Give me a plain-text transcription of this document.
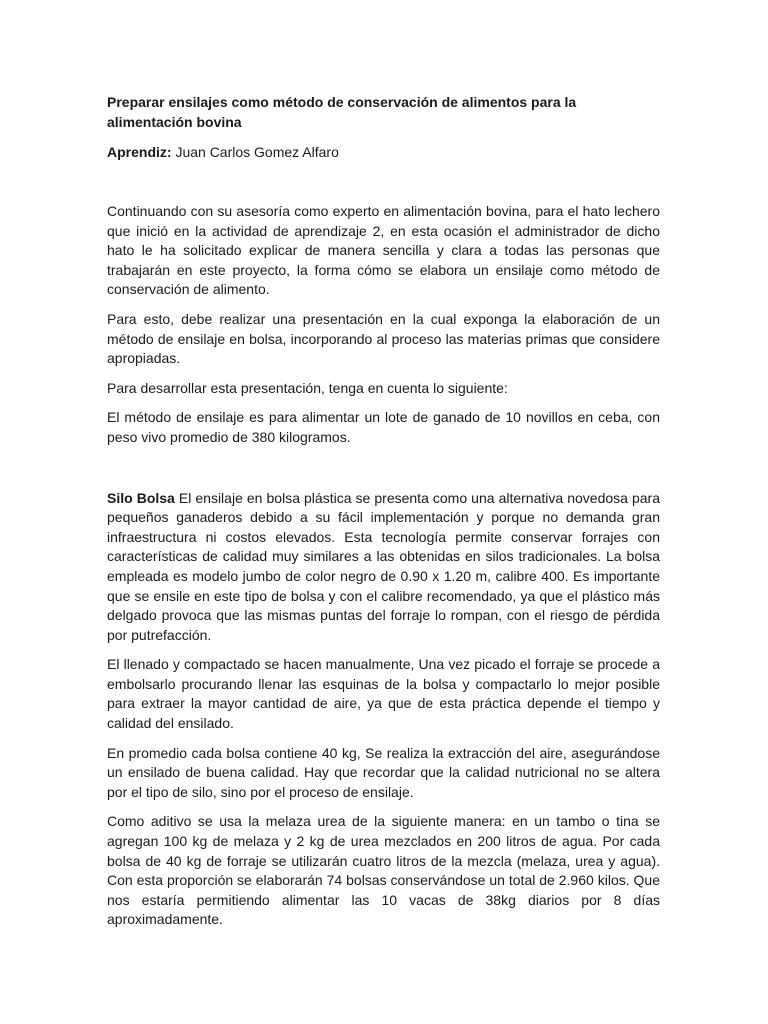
Preparar ensilajes como método de conservación de alimentos para la alimentación bovina

Aprendiz: Juan Carlos Gomez Alfaro

Continuando con su asesoría como experto en alimentación bovina, para el hato lechero que inició en la actividad de aprendizaje 2, en esta ocasión el administrador de dicho hato le ha solicitado explicar de manera sencilla y clara a todas las personas que trabajarán en este proyecto, la forma cómo se elabora un ensilaje como método de conservación de alimento.

Para esto, debe realizar una presentación en la cual exponga la elaboración de un método de ensilaje en bolsa, incorporando al proceso las materias primas que considere apropiadas.

Para desarrollar esta presentación, tenga en cuenta lo siguiente:

El método de ensilaje es para alimentar un lote de ganado de 10 novillos en ceba, con peso vivo promedio de 380 kilogramos.

Silo Bolsa El ensilaje en bolsa plástica se presenta como una alternativa novedosa para pequeños ganaderos debido a su fácil implementación y porque no demanda gran infraestructura ni costos elevados. Esta tecnología permite conservar forrajes con características de calidad muy similares a las obtenidas en silos tradicionales. La bolsa empleada es modelo jumbo de color negro de 0.90 x 1.20 m, calibre 400. Es importante que se ensile en este tipo de bolsa y con el calibre recomendado, ya que el plástico más delgado provoca que las mismas puntas del forraje lo rompan, con el riesgo de pérdida por putrefacción.

El llenado y compactado se hacen manualmente, Una vez picado el forraje se procede a embolsarlo procurando llenar las esquinas de la bolsa y compactarlo lo mejor posible para extraer la mayor cantidad de aire, ya que de esta práctica depende el tiempo y calidad del ensilado.

En promedio cada bolsa contiene 40 kg, Se realiza la extracción del aire, asegurándose un ensilado de buena calidad. Hay que recordar que la calidad nutricional no se altera por el tipo de silo, sino por el proceso de ensilaje.

Como aditivo se usa la melaza urea de la siguiente manera: en un tambo o tina se agregan 100 kg de melaza y 2 kg de urea mezclados en 200 litros de agua. Por cada bolsa de 40 kg de forraje se utilizarán cuatro litros de la mezcla (melaza, urea y agua). Con esta proporción se elaborarán 74 bolsas conservándose un total de 2.960 kilos. Que nos estaría permitiendo alimentar las 10 vacas de 38kg diarios por 8 días aproximadamente.
